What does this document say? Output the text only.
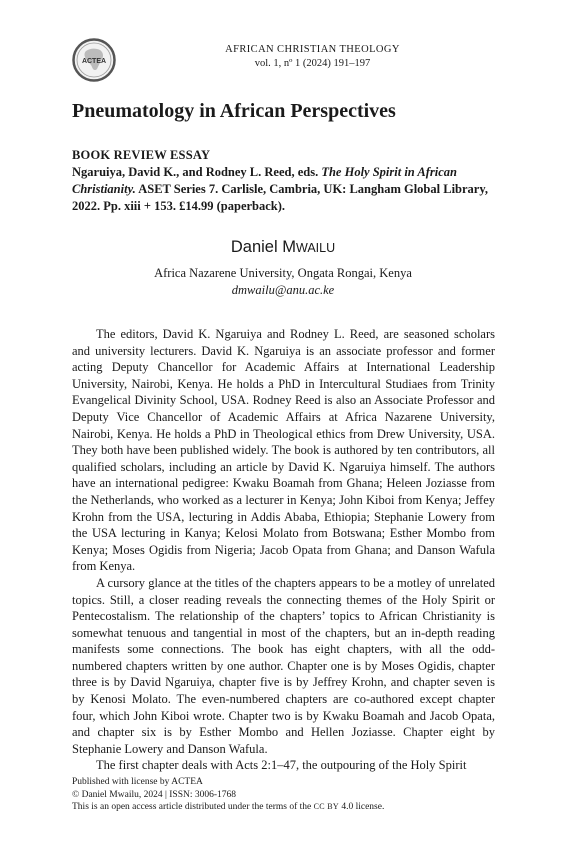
ACTEA
AFRICAN CHRISTIAN THEOLOGY
vol. 1, nº 1 (2024) 191–197
Pneumatology in African Perspectives
BOOK REVIEW ESSAY
Ngaruiya, David K., and Rodney L. Reed, eds. The Holy Spirit in African Christianity. ASET Series 7. Carlisle, Cambria, UK: Langham Global Library, 2022. Pp. xiii + 153. £14.99 (paperback).
Daniel MWAILU
Africa Nazarene University, Ongata Rongai, Kenya
dmwailu@anu.ac.ke

The editors, David K. Ngaruiya and Rodney L. Reed, are seasoned scholars and university lecturers. David K. Ngaruiya is an associate professor and former acting Deputy Chancellor for Academic Affairs at International Leadership University, Nairobi, Kenya. He holds a PhD in Intercultural Studiaes from Trinity Evangelical Divinity School, USA. Rodney Reed is also an Associate Professor and Deputy Vice Chancellor of Academic Affairs at Africa Nazarene University, Nairobi, Kenya. He holds a PhD in Theological ethics from Drew University, USA. They both have been published widely. The book is authored by ten contributors, all qualified scholars, including an article by David K. Ngaruiya himself. The authors have an international pedigree: Kwaku Boamah from Ghana; Heleen Joziasse from the Netherlands, who worked as a lecturer in Kenya; John Kiboi from Kenya; Jeffey Krohn from the USA, lecturing in Addis Ababa, Ethiopia; Stephanie Lowery from the USA lecturing in Kanya; Kelosi Molato from Botswana; Esther Mombo from Kenya; Moses Ogidis from Nigeria; Jacob Opata from Ghana; and Danson Wafula from Kenya.

A cursory glance at the titles of the chapters appears to be a motley of unrelated topics. Still, a closer reading reveals the connecting themes of the Holy Spirit or Pentecostalism. The relationship of the chapters’ topics to African Christianity is somewhat tenuous and tangential in most of the chapters, but an in-depth reading manifests some connections. The book has eight chapters, with all the odd-numbered chapters written by one author. Chapter one is by Moses Ogidis, chapter three is by David Ngaruiya, chapter five is by Jeffrey Krohn, and chapter seven is by Kenosi Molato. The even-numbered chapters are co-authored except chapter four, which John Kiboi wrote. Chapter two is by Kwaku Boamah and Jacob Opata, and chapter six is by Esther Mombo and Hellen Joziasse. Chapter eight by Stephanie Lowery and Danson Wafula.

The first chapter deals with Acts 2:1–47, the outpouring of the Holy Spirit

Published with license by ACTEA
© Daniel Mwailu, 2024 | ISSN: 3006-1768
This is an open access article distributed under the terms of the CC BY 4.0 license.
